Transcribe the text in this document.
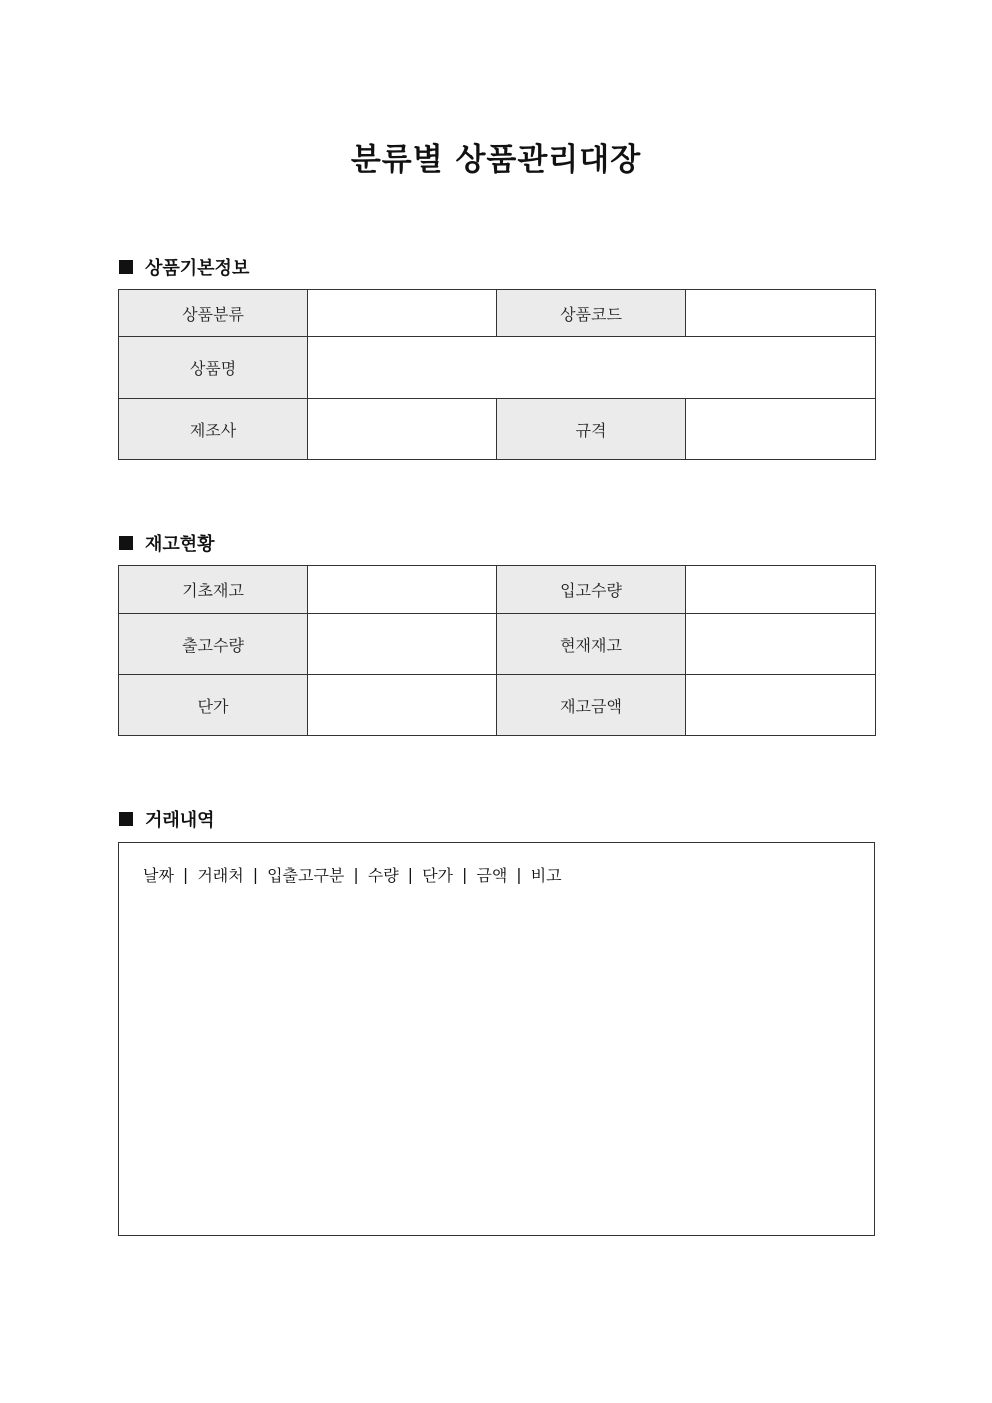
분류별 상품관리대장
상품기본정보
상품분류		상품코드	
상품명			
제조사		규격	
재고현황
기초재고		입고수량	
출고수량		현재재고	
단가		재고금액	
거래내역
날짜 | 거래처 | 입출고구분 | 수량 | 단가 | 금액 | 비고
